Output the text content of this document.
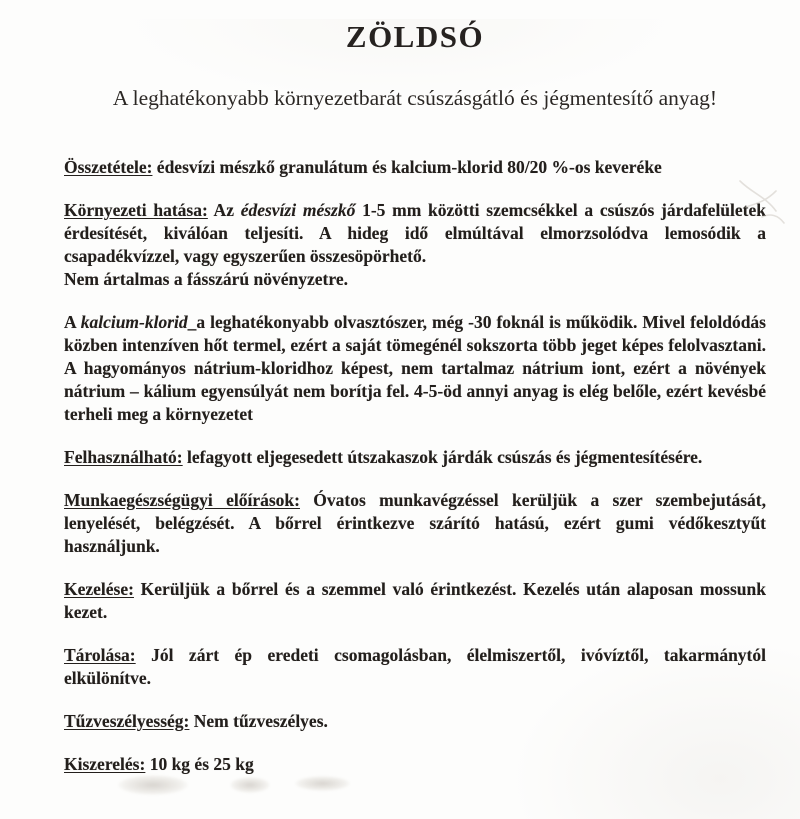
ZÖLDSÓ

A leghatékonyabb környezetbarát csúszásgátló és jégmentesítő anyag!

Összetétele: édesvízi mészkő granulátum és kalcium-klorid 80/20 %-os keveréke

Környezeti hatása: Az édesvízi mészkő 1-5 mm közötti szemcsékkel a csúszós járdafelületek érdesítését, kiválóan teljesíti. A hideg idő elmúltával elmorzsolódva lemosódik a csapadékvízzel, vagy egyszerűen összesöpörhető.
Nem ártalmas a fásszárú növényzetre.

A kalcium-klorid_a leghatékonyabb olvasztószer, még -30 foknál is működik. Mivel feloldódás közben intenzíven hőt termel, ezért a saját tömegénél sokszorta több jeget képes felolvasztani. A hagyományos nátrium-kloridhoz képest, nem tartalmaz nátrium iont, ezért a növények nátrium – kálium egyensúlyát nem borítja fel. 4-5-öd annyi anyag is elég belőle, ezért kevésbé terheli meg a környezetet

Felhasználható: lefagyott eljegesedett útszakaszok járdák csúszás és jégmentesítésére.

Munkaegészségügyi előírások: Óvatos munkavégzéssel kerüljük a szer szembejutását, lenyelését, belégzését. A bőrrel érintkezve szárító hatású, ezért gumi védőkesztyűt használjunk.

Kezelése: Kerüljük a bőrrel és a szemmel való érintkezést. Kezelés után alaposan mossunk kezet.

Tárolása: Jól zárt ép eredeti csomagolásban, élelmiszertől, ivóvíztől, takarmánytól elkülönítve.

Tűzveszélyesség: Nem tűzveszélyes.

Kiszerelés: 10 kg és 25 kg
